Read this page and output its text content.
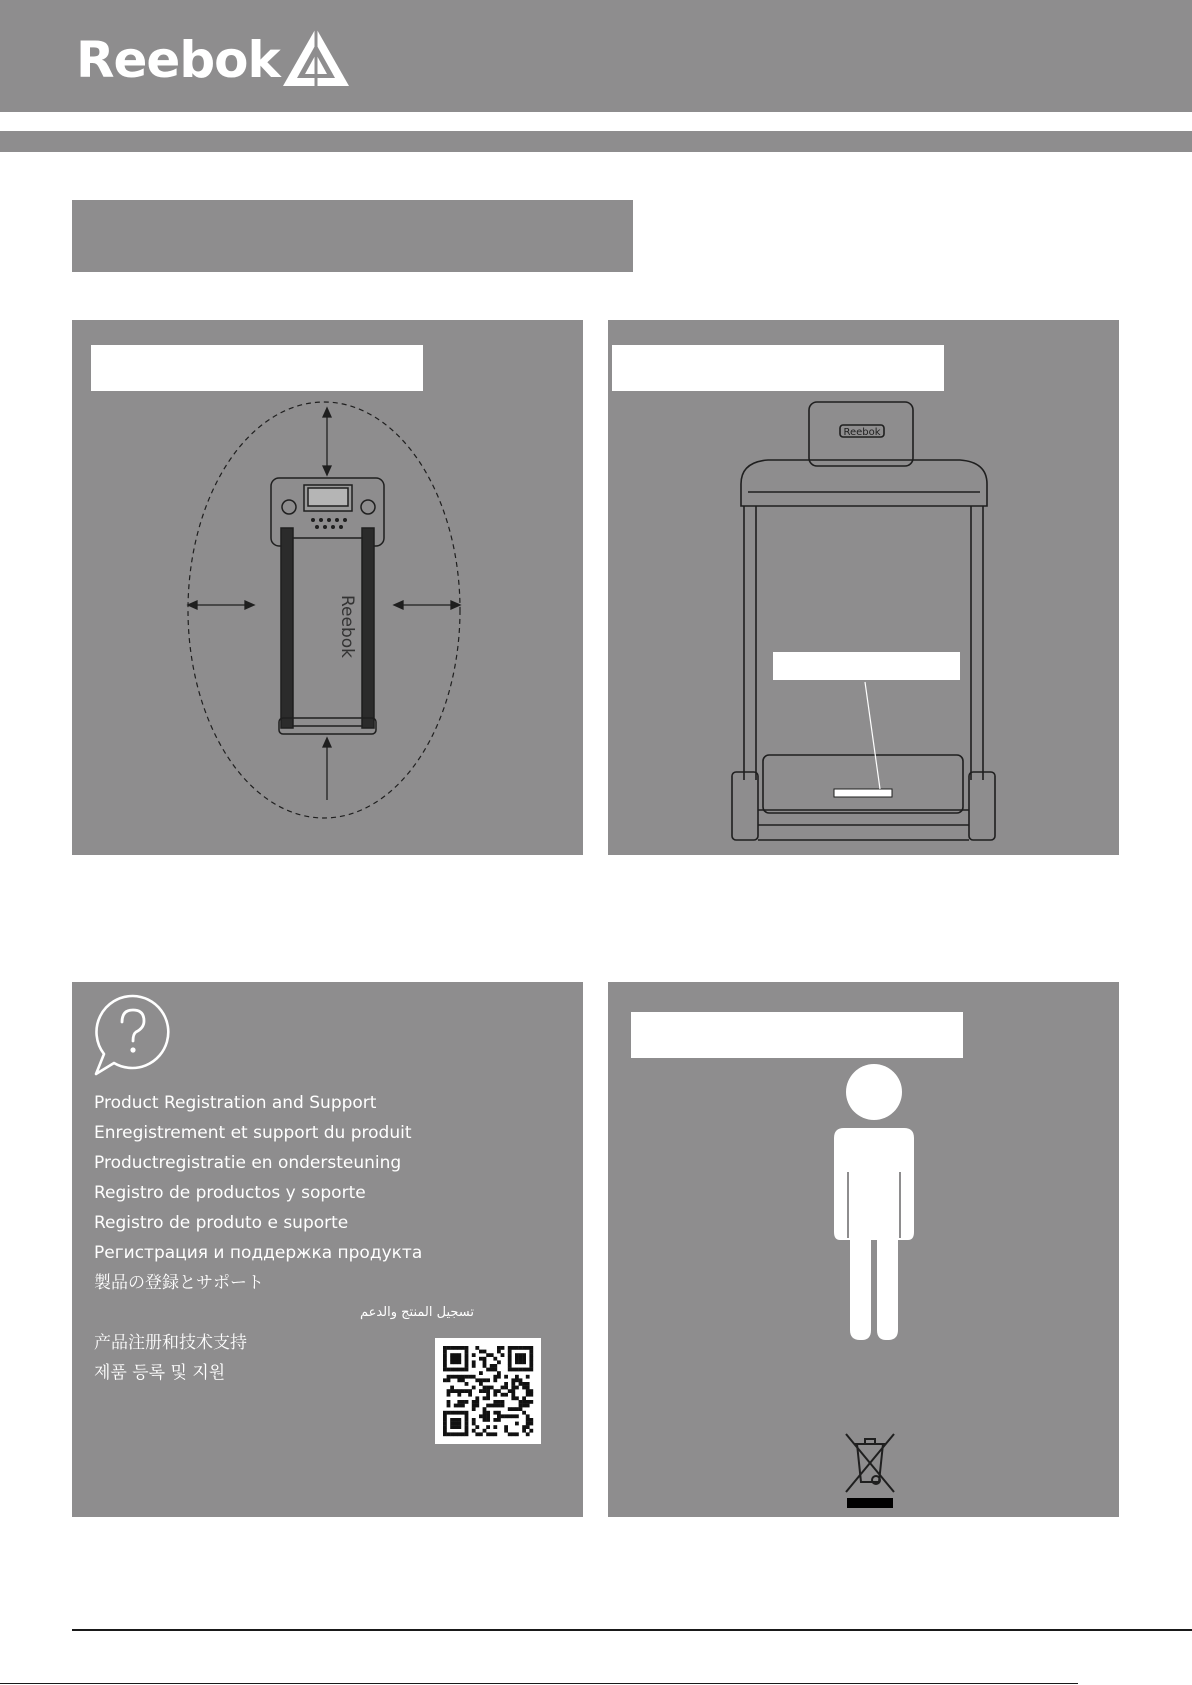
Reebok
Reebok
Reebok
Product Registration and Support
Enregistrement et support du produit
Productregistratie en ondersteuning
Registro de productos y soporte
Registro de produto e suporte
Регистрация и поддержка продукта
製品の登録とサポート
تسجيل المنتج والدعم
产品注册和技术支持
제품 등록 및 지원
